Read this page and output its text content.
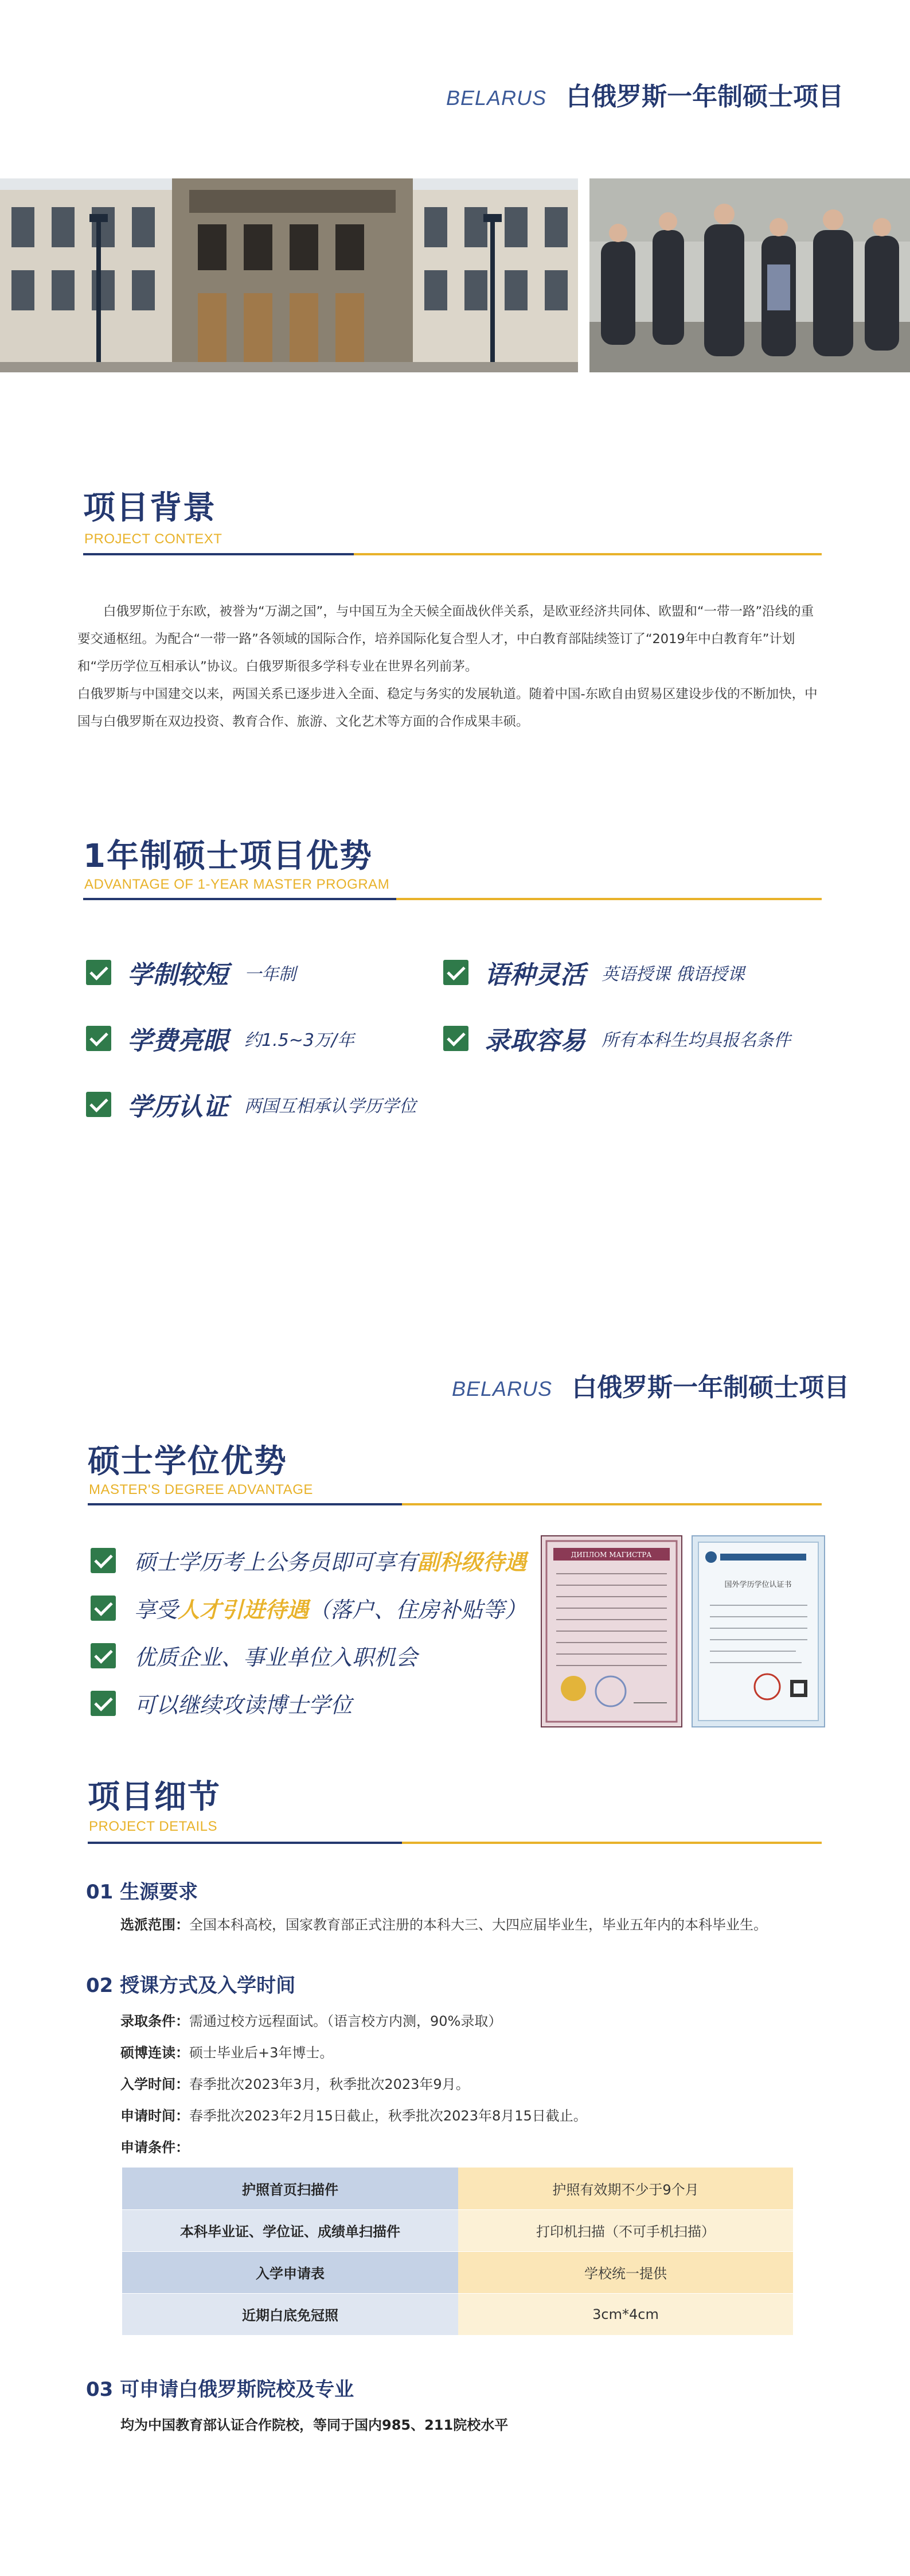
BELARUS 白俄罗斯一年制硕士项目
项目背景
PROJECT CONTEXT

白俄罗斯位于东欧，被誉为“万湖之国”，与中国互为全天候全面战伙伴关系，是欧亚经济共同体、欧盟和“一带一路”沿线的重要交通枢纽。为配合“一带一路”各领域的国际合作，培养国际化复合型人才，中白教育部陆续签订了“2019年中白教育年”计划和“学历学位互相承认”协议。白俄罗斯很多学科专业在世界名列前茅。

白俄罗斯与中国建交以来，两国关系已逐步进入全面、稳定与务实的发展轨道。随着中国-东欧自由贸易区建设步伐的不断加快，中国与白俄罗斯在双边投资、教育合作、旅游、文化艺术等方面的合作成果丰硕。

1年制硕士项目优势
ADVANTAGE OF 1-YEAR MASTER PROGRAM
学制较短 一年制	语种灵活 英语授课 俄语授课
学费亮眼 约1.5~3万/年	录取容易 所有本科生均具报名条件
学历认证 两国互相承认学历学位
BELARUS 白俄罗斯一年制硕士项目
硕士学位优势
MASTER'S DEGREE ADVANTAGE
硕士学历考上公务员即可享有 副科级待遇
享受 人才引进待遇 （落户、住房补贴等）
优质企业、事业单位入职机会
可以继续攻读博士学位
ДИПЛОМ МАГИСТРА
国外学历学位认证书
项目细节
PROJECT DETAILS
01 生源要求
选派范围：全国本科高校，国家教育部正式注册的本科大三、大四应届毕业生，毕业五年内的本科毕业生。
02 授课方式及入学时间
录取条件：需通过校方远程面试。（语言校方内测，90%录取）
硕博连读：硕士毕业后+3年博士。
入学时间：春季批次2023年3月，秋季批次2023年9月。
申请时间：春季批次2023年2月15日截止，秋季批次2023年8月15日截止。
申请条件：
护照首页扫描件	护照有效期不少于9个月
本科毕业证、学位证、成绩单扫描件	打印机扫描（不可手机扫描）
入学申请表	学校统一提供
近期白底免冠照	3cm*4cm
03 可申请白俄罗斯院校及专业
均为中国教育部认证合作院校，等同于国内985、211院校水平
